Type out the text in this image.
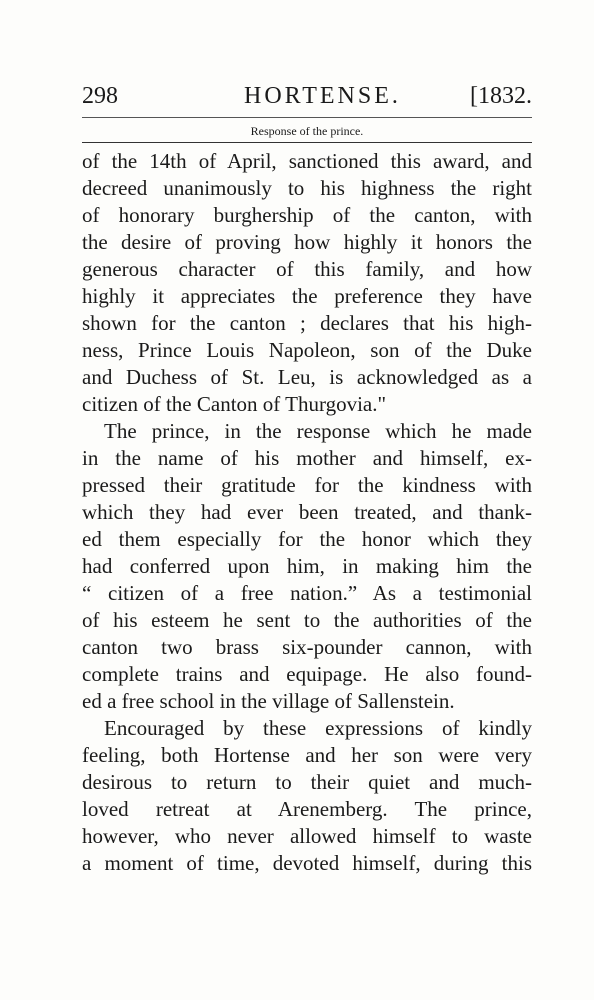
298	HORTENSE.	[1832.
Response of the prince.
of the 14th of April, sanctioned this award, and
decreed unanimously to his highness the right
of honorary burghership of the canton, with
the desire of proving how highly it honors the
generous character of this family, and how
highly it appreciates the preference they have
shown for the canton ; declares that his high-
ness, Prince Louis Napoleon, son of the Duke
and Duchess of St. Leu, is acknowledged as a
citizen of the Canton of Thurgovia."
The prince, in the response which he made
in the name of his mother and himself, ex-
pressed their gratitude for the kindness with
which they had ever been treated, and thank-
ed them especially for the honor which they
had conferred upon him, in making him the
“ citizen of a free nation.” As a testimonial
of his esteem he sent to the authorities of the
canton two brass six-pounder cannon, with
complete trains and equipage. He also found-
ed a free school in the village of Sallenstein.
Encouraged by these expressions of kindly
feeling, both Hortense and her son were very
desirous to return to their quiet and much-
loved retreat at Arenemberg. The prince,
however, who never allowed himself to waste
a moment of time, devoted himself, during this
